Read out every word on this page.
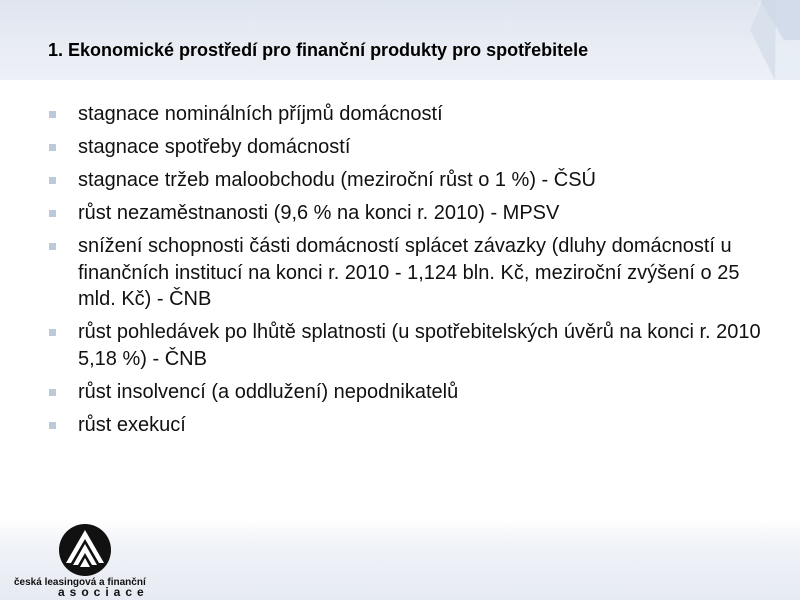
1. Ekonomické prostředí pro finanční produkty pro spotřebitele
stagnace nominálních příjmů domácností
stagnace spotřeby domácností
stagnace tržeb maloobchodu (meziroční růst o 1 %) - ČSÚ
růst nezaměstnanosti (9,6 % na konci r. 2010) - MPSV
snížení schopnosti části domácností splácet závazky (dluhy domácností u finančních institucí na konci r. 2010 - 1,124 bln. Kč, meziroční zvýšení o 25 mld. Kč) - ČNB
růst pohledávek po lhůtě splatnosti (u spotřebitelských úvěrů na konci r. 2010 5,18 %) - ČNB
růst insolvencí (a oddlužení) nepodnikatelů
růst exekucí
česká leasingová a finanční
asociace
